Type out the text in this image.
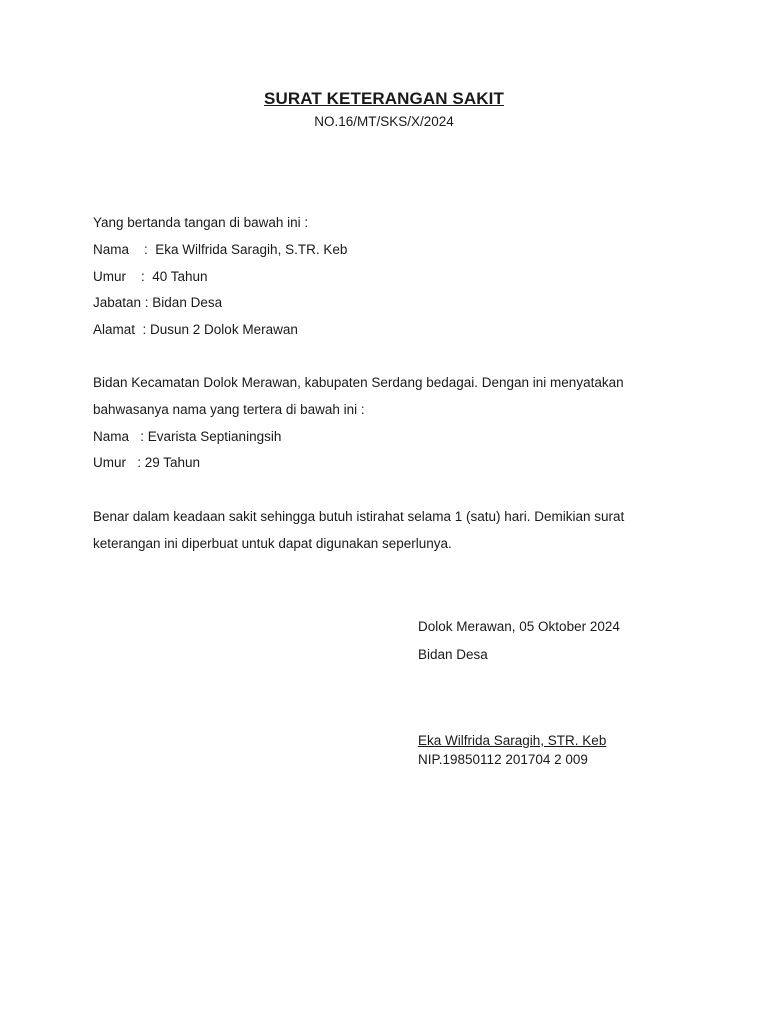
SURAT KETERANGAN SAKIT
NO.16/MT/SKS/X/2024
Yang bertanda tangan di bawah ini :
Nama    :  Eka Wilfrida Saragih, S.TR. Keb
Umur    :  40 Tahun
Jabatan : Bidan Desa
Alamat  : Dusun 2 Dolok Merawan
Bidan Kecamatan Dolok Merawan, kabupaten Serdang bedagai. Dengan ini menyatakan
bahwasanya nama yang tertera di bawah ini :
Nama   : Evarista Septianingsih
Umur   : 29 Tahun
Benar dalam keadaan sakit sehingga butuh istirahat selama 1 (satu) hari. Demikian surat
keterangan ini diperbuat untuk dapat digunakan seperlunya.
Dolok Merawan, 05 Oktober 2024
Bidan Desa
Eka Wilfrida Saragih, STR. Keb
NIP.19850112 201704 2 009
